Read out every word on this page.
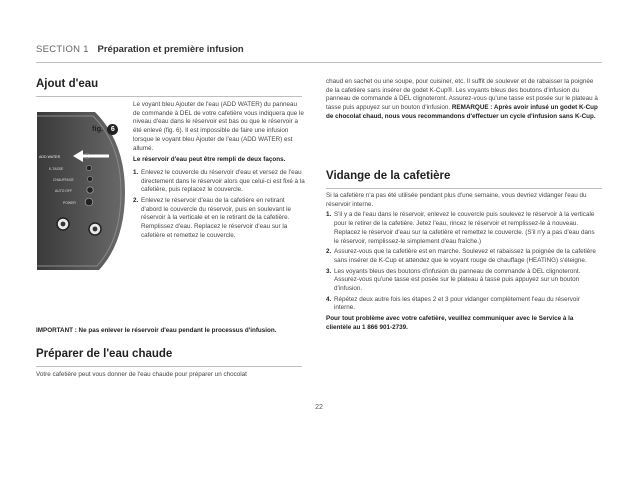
SECTION 1 Préparation et première infusion
Ajout d'eau
ADD WATER
K-TASSE
CHAUFFAGE
AUTO OFF
POWER
fig. 6

Le voyant bleu Ajouter de l'eau (ADD WATER) du panneau de commande à DEL de votre cafetière vous indiquera que le niveau d'eau dans le réservoir est bas ou que le réservoir a été enlevé (fig. 6). Il est impossible de faire une infusion lorsque le voyant bleu Ajouter de l'eau (ADD WATER) est allumé.

Le réservoir d'eau peut être rempli de deux façons.

1. Enlevez le couvercle du réservoir d'eau et versez de l'eau directement dans le réservoir alors que celui-ci est fixé à la cafetière, puis replacez le couvercle.
2. Enlevez le réservoir d'eau de la cafetière en retirant d'abord le couvercle du réservoir, puis en soulevant le réservoir à la verticale et en le retirant de la cafetière. Remplissez d'eau. Replacez le réservoir d'eau sur la cafetière et remettez le couvercle.
IMPORTANT : Ne pas enlever le réservoir d'eau pendant le processus d'infusion.
Préparer de l'eau chaude
Votre cafetière peut vous donner de l'eau chaude pour préparer un chocolat
chaud en sachet ou une soupe, pour cuisiner, etc. Il suffit de soulever et de rabaisser la poignée de la cafetière sans insérer de godet K-Cup®. Les voyants bleus des boutons d'infusion du panneau de commande à DEL clignoteront. Assurez-vous qu'une tasse est posée sur le plateau à tasse puis appuyez sur un bouton d'infusion. REMARQUE : Après avoir infusé un godet K-Cup de chocolat chaud, nous vous recommandons d'effectuer un cycle d'infusion sans K-Cup.
Vidange de la cafetière

Si la cafetière n'a pas été utilisée pendant plus d'une semaine, vous devriez vidanger l'eau du réservoir interne.

1. S'il y a de l'eau dans le réservoir, enlevez le couvercle puis soulevez le réservoir à la verticale pour le retirer de la cafetière. Jetez l'eau, rincez le réservoir et remplissez-le à nouveau. Replacez le réservoir d'eau sur la cafetière et remettez le couvercle. (S'il n'y a pas d'eau dans le réservoir, remplissez-le simplement d'eau fraîche.)
2. Assurez-vous que la cafetière est en marche. Soulevez et rabaissez la poignée de la cafetière sans insérer de K-Cup et attendez que le voyant rouge de chauffage (HEATING) s'éteigne.
3. Les voyants bleus des boutons d'infusion du panneau de commande à DEL clignoteront. Assurez-vous qu'une tasse est posée sur le plateau à tasse puis appuyez sur un bouton d'infusion.
4. Répétez deux autre fois les étapes 2 et 3 pour vidanger complètement l'eau du réservoir interne.

Pour tout problème avec votre cafetière, veuillez communiquer avec le Service à la clientèle au 1 866 901-2739.

22
